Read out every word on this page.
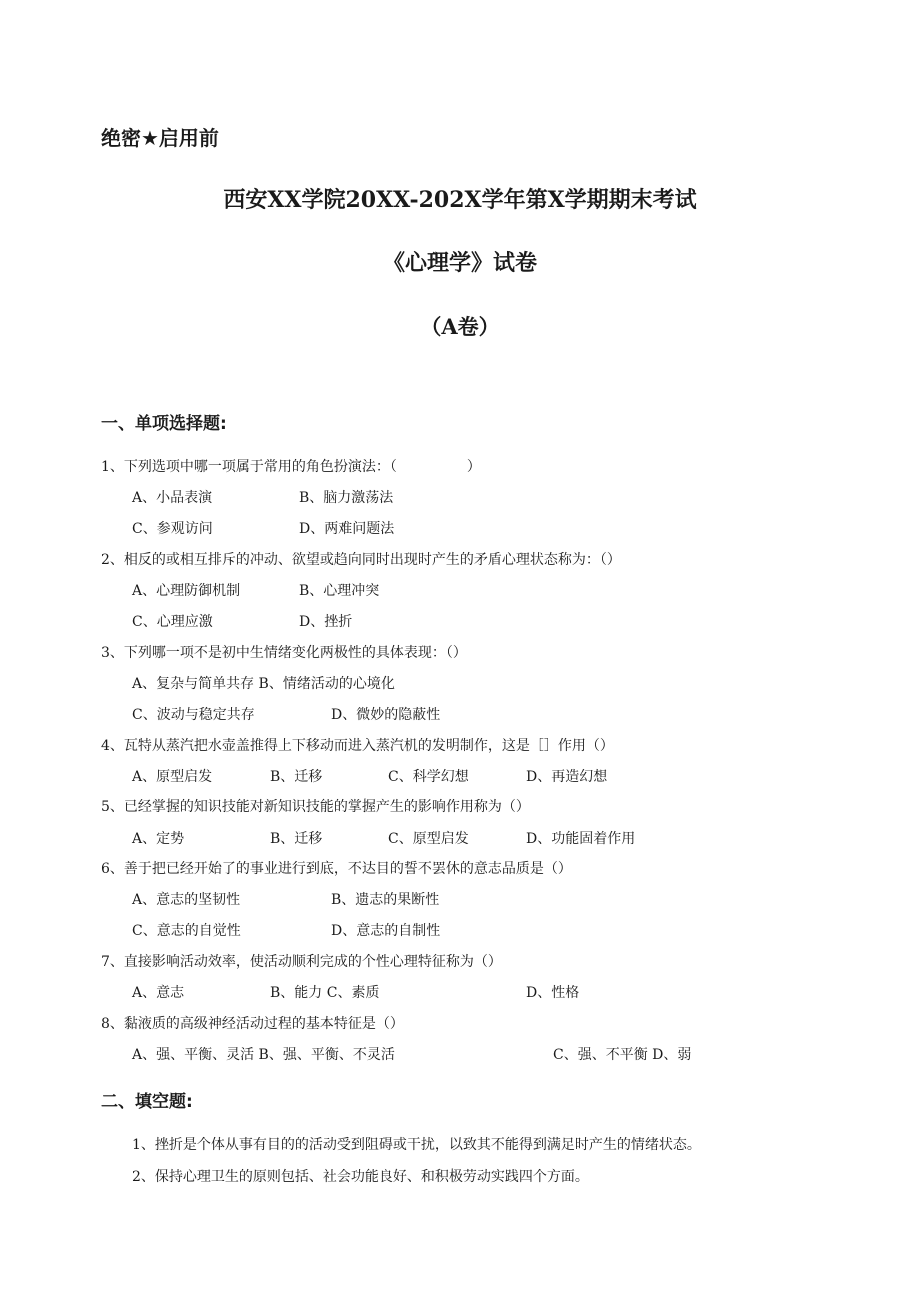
绝密★启用前
西安XX学院20XX-202X学年第X学期期末考试
《心理学》试卷
（A卷）
一、单项选择题:
1、下列选项中哪一项属于常用的角色扮演法：（　　　　　）
A、小品表演	B、脑力激荡法
C、参观访问	D、两难问题法
2、相反的或相互排斥的冲动、欲望或趋向同时出现时产生的矛盾心理状态称为：（）
A、心理防御机制	B、心理冲突
C、心理应激	D、挫折
3、下列哪一项不是初中生情绪变化两极性的具体表现：（）
A、复杂与简单共存 B、情绪活动的心境化
C、波动与稳定共存	D、微妙的隐蔽性
4、瓦特从蒸汽把水壶盖推得上下移动而进入蒸汽机的发明制作，这是［］作用（）
A、原型启发	B、迁移	C、科学幻想	D、再造幻想
5、已经掌握的知识技能对新知识技能的掌握产生的影响作用称为（）
A、定势	B、迁移	C、原型启发	D、功能固着作用
6、善于把已经开始了的事业进行到底，不达目的誓不罢休的意志品质是（）
A、意志的坚韧性	B、遗志的果断性
C、意志的自觉性	D、意志的自制性
7、直接影响活动效率，使活动顺利完成的个性心理特征称为（）
A、意志	B、能力 C、素质	D、性格
8、黏液质的高级神经活动过程的基本特征是（）
A、强、平衡、灵活 B、强、平衡、不灵活	C、强、不平衡 D、弱
二、填空题:
1、挫折是个体从事有目的的活动受到阻碍或干扰，以致其不能得到满足时产生的情绪状态。
2、保持心理卫生的原则包括、社会功能良好、和积极劳动实践四个方面。
